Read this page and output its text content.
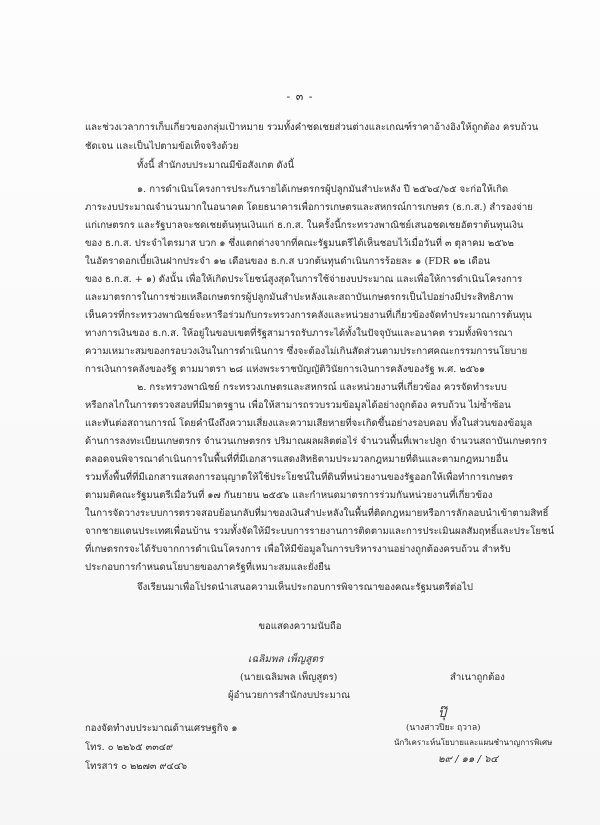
- ๓ -
และช่วงเวลาการเก็บเกี่ยวของกลุ่มเป้าหมาย รวมทั้งคำชดเชยส่วนต่างและเกณฑ์ราคาอ้างอิงให้ถูกต้อง ครบถ้วน
ชัดเจน และเป็นไปตามข้อเท็จจริงด้วย
ทั้งนี้ สำนักงบประมาณมีข้อสังเกต ดังนี้
๑. การดำเนินโครงการประกันรายได้เกษตรกรผู้ปลูกมันสำปะหลัง ปี ๒๕๖๔/๖๕ จะก่อให้เกิด
ภาระงบประมาณจำนวนมากในอนาคต โดยธนาคารเพื่อการเกษตรและสหกรณ์การเกษตร (ธ.ก.ส.) สำรองจ่าย
แก่เกษตรกร และรัฐบาลจะชดเชยต้นทุนเงินแก่ ธ.ก.ส. ในครั้งนี้กระทรวงพาณิชย์เสนอชดเชยอัตราต้นทุนเงิน
ของ ธ.ก.ส. ประจำไตรมาส บวก ๑ ซึ่งแตกต่างจากที่คณะรัฐมนตรีได้เห็นชอบไว้เมื่อวันที่ ๓ ตุลาคม ๒๕๖๒
ในอัตราดอกเบี้ยเงินฝากประจำ ๑๒ เดือนของ ธ.ก.ส บวกต้นทุนดำเนินการร้อยละ ๑ (FDR ๑๒ เดือน
ของ ธ.ก.ส. + ๑) ดังนั้น เพื่อให้เกิดประโยชน์สูงสุดในการใช้จ่ายงบประมาณ และเพื่อให้การดำเนินโครงการ
และมาตรการในการช่วยเหลือเกษตรกรผู้ปลูกมันสำปะหลังและสถาบันเกษตรกรเป็นไปอย่างมีประสิทธิภาพ
เห็นควรที่กระทรวงพาณิชย์จะหารือร่วมกับกระทรวงการคลังและหน่วยงานที่เกี่ยวข้องจัดทำประมาณการต้นทุน
ทางการเงินของ ธ.ก.ส. ให้อยู่ในขอบเขตที่รัฐสามารถรับภาระได้ทั้งในปัจจุบันและอนาคต รวมทั้งพิจารณา
ความเหมาะสมของกรอบวงเงินในการดำเนินการ ซึ่งจะต้องไม่เกินสัดส่วนตามประกาศคณะกรรมการนโยบาย
การเงินการคลังของรัฐ ตามมาตรา ๒๘ แห่งพระราชบัญญัติวินัยการเงินการคลังของรัฐ พ.ศ. ๒๕๖๑
๒. กระทรวงพาณิชย์ กระทรวงเกษตรและสหกรณ์ และหน่วยงานที่เกี่ยวข้อง ควรจัดทำระบบ
หรือกลไกในการตรวจสอบที่มีมาตรฐาน เพื่อให้สามารถรวบรวมข้อมูลได้อย่างถูกต้อง ครบถ้วน ไม่ซ้ำซ้อน
และทันต่อสถานการณ์ โดยคำนึงถึงความเสี่ยงและความเสียหายที่จะเกิดขึ้นอย่างรอบคอบ ทั้งในส่วนของข้อมูล
ด้านการลงทะเบียนเกษตรกร จำนวนเกษตรกร ปริมาณผลผลิตต่อไร่ จำนวนพื้นที่เพาะปลูก จำนวนสถาบันเกษตรกร
ตลอดจนพิจารณาดำเนินการในพื้นที่ที่มีเอกสารแสดงสิทธิตามประมวลกฎหมายที่ดินและตามกฎหมายอื่น
รวมทั้งพื้นที่ที่มีเอกสารแสดงการอนุญาตให้ใช้ประโยชน์ในที่ดินที่หน่วยงานของรัฐออกให้เพื่อทำการเกษตร
ตามมติคณะรัฐมนตรีเมื่อวันที่ ๑๗ กันยายน ๒๕๕๖ และกำหนดมาตรการร่วมกันหน่วยงานที่เกี่ยวข้อง
ในการจัดวางระบบการตรวจสอบย้อนกลับที่มาของเงินสำปะหลังในพื้นที่ติดกฎหมายหรือการลักลอบนำเข้าตามสิทธิ์
จากชายแดนประเทศเพื่อนบ้าน รวมทั้งจัดให้มีระบบการรายงานการติดตามและการประเมินผลสัมฤทธิ์และประโยชน์
ที่เกษตรกรจะได้รับจากการดำเนินโครงการ เพื่อให้มีข้อมูลในการบริหารงานอย่างถูกต้องครบถ้วน สำหรับ
ประกอบการกำหนดนโยบายของภาครัฐที่เหมาะสมและยั่งยืน
จึงเรียนมาเพื่อโปรดนำเสนอความเห็นประกอบการพิจารณาของคณะรัฐมนตรีต่อไป
ขอแสดงความนับถือ
เฉลิมพล เพ็ญสูตร
(นายเฉลิมพล เพ็ญสูตร)
ผู้อำนวยการสำนักงบประมาณ
สำเนาถูกต้อง
ปุ๊
(นางสาวปิยะ ฤวาล)
นักวิเคราะห์นโยบายและแผนชำนาญการพิเศษ
๒๙ / ๑๑ / ๖๔
กองจัดทำงบประมาณด้านเศรษฐกิจ ๑
โทร. ๐ ๒๒๖๕ ๓๓๔๙
โทรสาร ๐ ๒๒๗๓ ๙๔๔๖
